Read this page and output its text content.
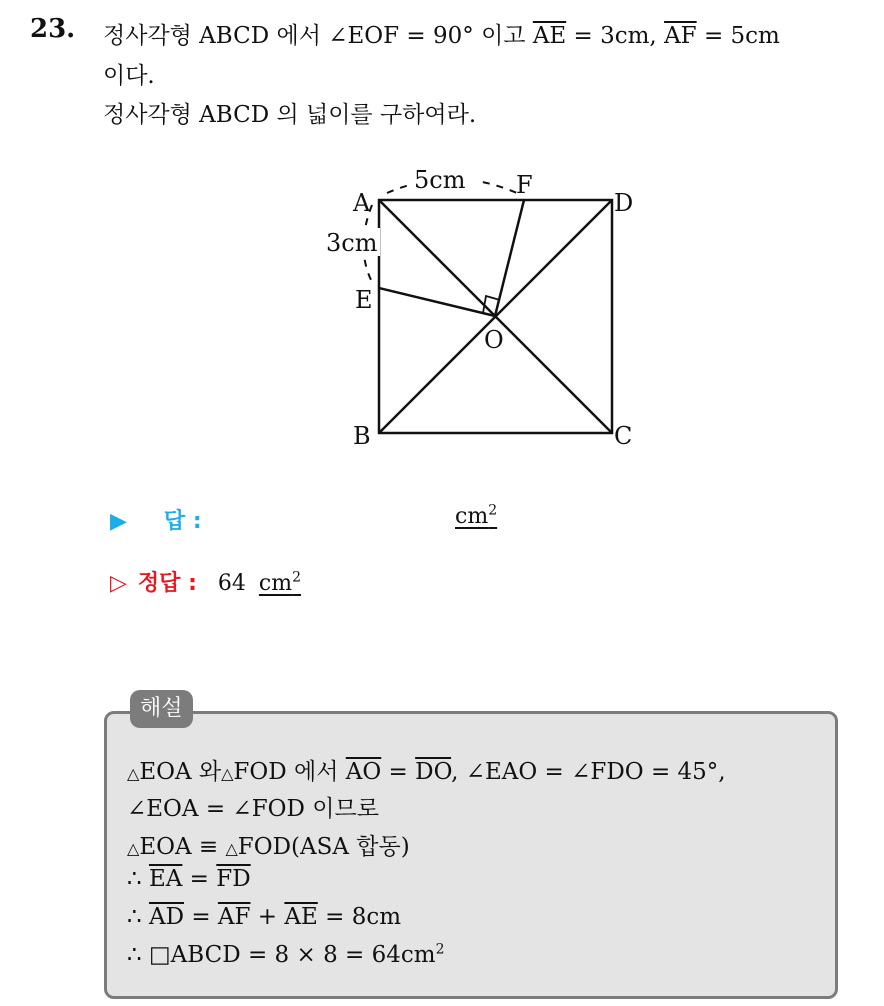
23. 정사각형 ABCD 에서 ∠EOF = 90° 이고 $\overline{AE} = 3cm$, $\overline{AF} = 5cm$
이다.
정사각형 ABCD 의 넓이를 구하여라.
A	D
B	C
E
F
O
5cm
3cm
▶ 답 :	$cm^2$
▷ 정답 : 64 $cm^2$
해설
△EOA 와△FOD 에서 $\overline{AO} = \overline{DO}$, ∠EAO = ∠FDO = 45°,
∠EOA = ∠FOD 이므로
△EOA ≡ △FOD(ASA 합동)
∴ $\overline{EA} = \overline{FD}$
∴ $\overline{AD} = \overline{AF} + \overline{AE} = 8cm$
∴ □ABCD = $8 \times 8 = 64cm^2$
